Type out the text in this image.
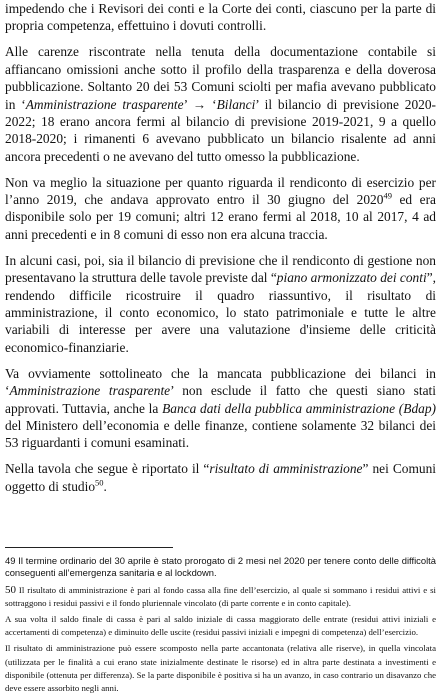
impedendo che i Revisori dei conti e la Corte dei conti, ciascuno per la parte di propria competenza, effettuino i dovuti controlli.

Alle carenze riscontrate nella tenuta della documentazione contabile si affiancano omissioni anche sotto il profilo della trasparenza e della doverosa pubblicazione. Soltanto 20 dei 53 Comuni sciolti per mafia avevano pubblicato in ‘Amministrazione trasparente’ → ‘Bilanci’ il bilancio di previsione 2020-2022; 18 erano ancora fermi al bilancio di previsione 2019-2021, 9 a quello 2018-2020; i rimanenti 6 avevano pubblicato un bilancio risalente ad anni ancora precedenti o ne avevano del tutto omesso la pubblicazione.

Non va meglio la situazione per quanto riguarda il rendiconto di esercizio per l’anno 2019, che andava approvato entro il 30 giugno del 2020$^{49}$ ed era disponibile solo per 19 comuni; altri 12 erano fermi al 2018, 10 al 2017, 4 ad anni precedenti e in 8 comuni di esso non era alcuna traccia.

In alcuni casi, poi, sia il bilancio di previsione che il rendiconto di gestione non presentavano la struttura delle tavole previste dal “piano armonizzato dei conti”, rendendo difficile ricostruire il quadro riassuntivo, il risultato di amministrazione, il conto economico, lo stato patrimoniale e tutte le altre variabili di interesse per avere una valutazione d'insieme delle criticità economico-finanziarie.

Va ovviamente sottolineato che la mancata pubblicazione dei bilanci in ‘Amministrazione trasparente’ non esclude il fatto che questi siano stati approvati. Tuttavia, anche la Banca dati della pubblica amministrazione (Bdap) del Ministero dell’economia e delle finanze, contiene solamente 32 bilanci dei 53 riguardanti i comuni esaminati.

Nella tavola che segue è riportato il “risultato di amministrazione” nei Comuni oggetto di studio$^{50}$.

49 Il termine ordinario del 30 aprile è stato prorogato di 2 mesi nel 2020 per tenere conto delle difficoltà conseguenti all’emergenza sanitaria e al lockdown.
50 Il risultato di amministrazione è pari al fondo cassa alla fine dell’esercizio, al quale si sommano i residui attivi e si sottraggono i residui passivi e il fondo pluriennale vincolato (di parte corrente e in conto capitale).
A sua volta il saldo finale di cassa è pari al saldo iniziale di cassa maggiorato delle entrate (residui attivi iniziali e accertamenti di competenza) e diminuito delle uscite (residui passivi iniziali e impegni di competenza) dell’esercizio.
Il risultato di amministrazione può essere scomposto nella parte accantonata (relativa alle riserve), in quella vincolata (utilizzata per le finalità a cui erano state inizialmente destinate le risorse) ed in altra parte destinata a investimenti e disponibile (ottenuta per differenza). Se la parte disponibile è positiva si ha un avanzo, in caso contrario un disavanzo che deve essere assorbito negli anni.
